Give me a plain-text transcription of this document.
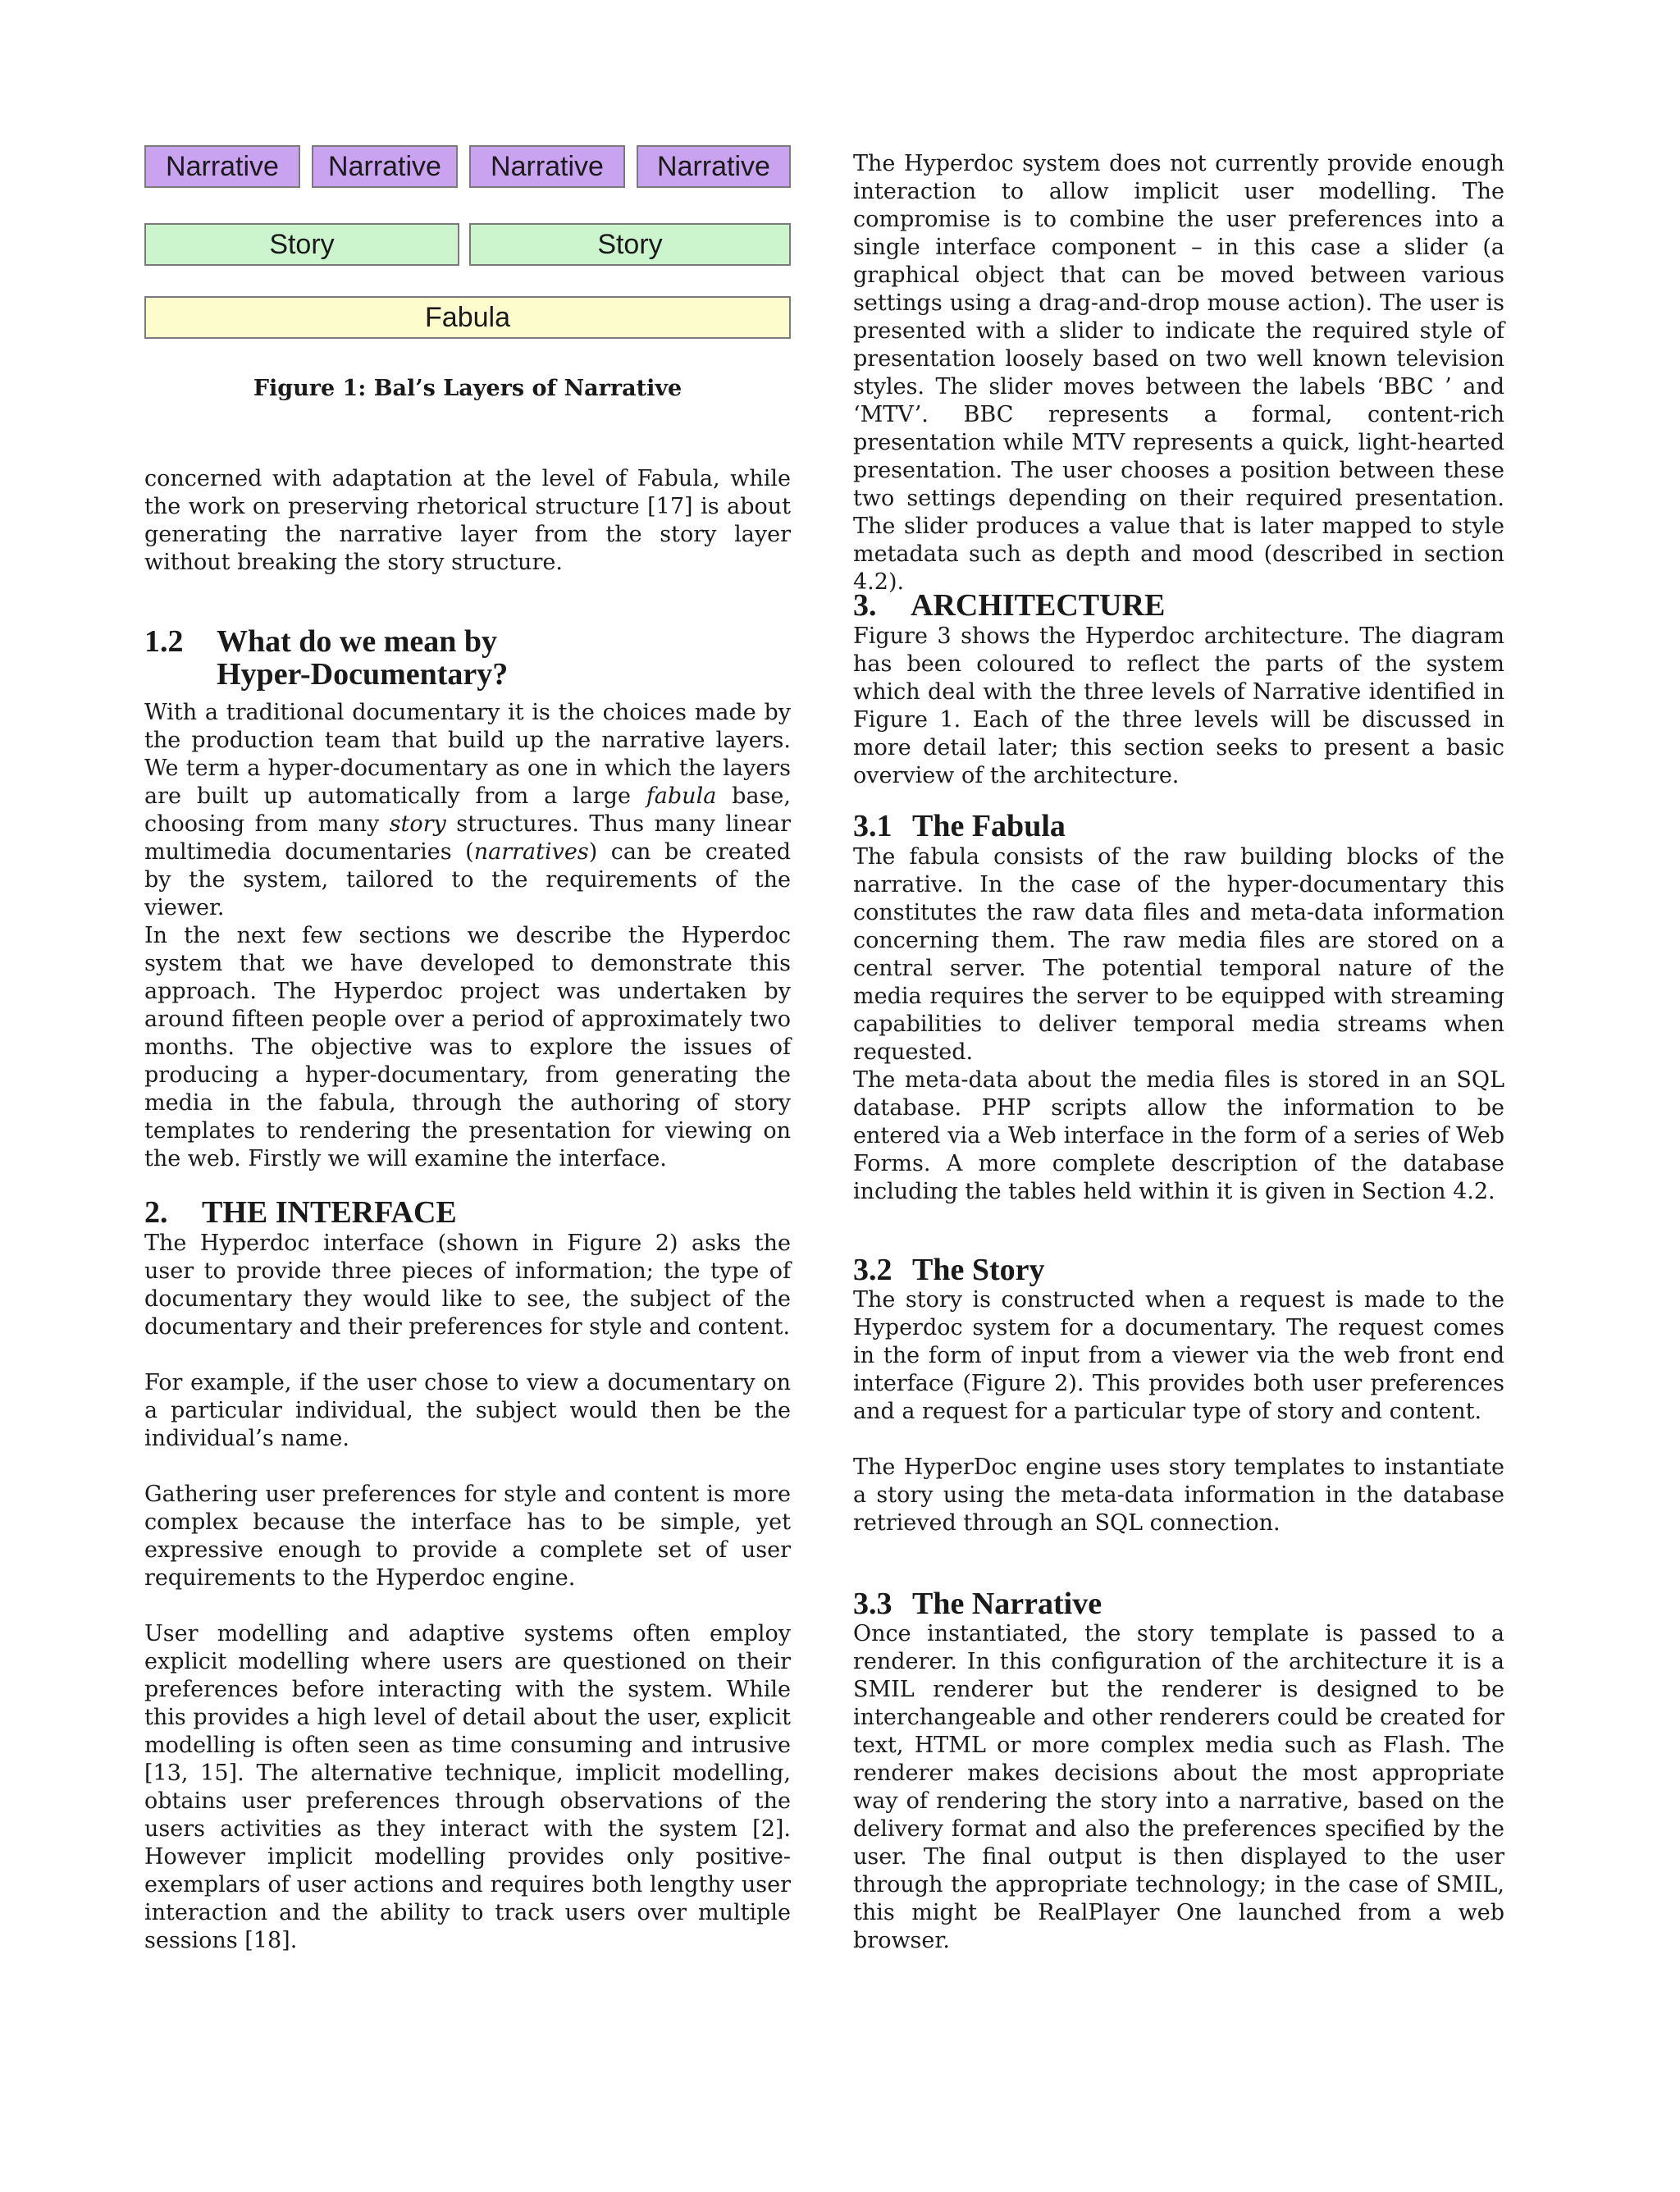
Narrative	Narrative	Narrative	Narrative
Story	Story
Fabula
Figure 1: Bal’s Layers of Narrative

concerned with adaptation at the level of Fabula, while the work on preserving rhetorical structure [17] is about generating the narrative layer from the story layer without breaking the story structure.

1.2 What do we mean by
Hyper-Documentary?

With a traditional documentary it is the choices made by the production team that build up the narrative layers. We term a hyper-documentary as one in which the layers are built up automatically from a large fabula base, choosing from many story structures. Thus many linear multimedia documentaries (narratives) can be created by the system, tailored to the requirements of the viewer.

In the next few sections we describe the Hyperdoc system that we have developed to demonstrate this approach. The Hyperdoc project was undertaken by around fifteen people over a period of approximately two months. The objective was to explore the issues of producing a hyper-documentary, from generating the media in the fabula, through the authoring of story templates to rendering the presentation for viewing on the web. Firstly we will examine the interface.

2. THE INTERFACE

The Hyperdoc interface (shown in Figure 2) asks the user to provide three pieces of information; the type of documentary they would like to see, the subject of the documentary and their preferences for style and content.

For example, if the user chose to view a documentary on a particular individual, the subject would then be the individual’s name.

Gathering user preferences for style and content is more complex because the interface has to be simple, yet expressive enough to provide a complete set of user requirements to the Hyperdoc engine.

User modelling and adaptive systems often employ explicit modelling where users are questioned on their preferences before interacting with the system. While this provides a high level of detail about the user, explicit modelling is often seen as time consuming and intrusive [13, 15]. The alternative technique, implicit modelling, obtains user preferences through observations of the users activities as they interact with the system [2]. However implicit modelling provides only positive-exemplars of user actions and requires both lengthy user interaction and the ability to track users over multiple sessions [18].

The Hyperdoc system does not currently provide enough interaction to allow implicit user modelling. The compromise is to combine the user preferences into a single interface component – in this case a slider (a graphical object that can be moved between various settings using a drag-and-drop mouse action). The user is presented with a slider to indicate the required style of presentation loosely based on two well known television styles. The slider moves between the labels ‘BBC ’ and ‘MTV’. BBC represents a formal, content-rich presentation while MTV represents a quick, light-hearted presentation. The user chooses a position between these two settings depending on their required presentation. The slider produces a value that is later mapped to style metadata such as depth and mood (described in section 4.2).

3. ARCHITECTURE

Figure 3 shows the Hyperdoc architecture. The diagram has been coloured to reflect the parts of the system which deal with the three levels of Narrative identified in Figure 1. Each of the three levels will be discussed in more detail later; this section seeks to present a basic overview of the architecture.

3.1 The Fabula

The fabula consists of the raw building blocks of the narrative. In the case of the hyper-documentary this constitutes the raw data files and meta-data information concerning them. The raw media files are stored on a central server. The potential temporal nature of the media requires the server to be equipped with streaming capabilities to deliver temporal media streams when requested.

The meta-data about the media files is stored in an SQL database. PHP scripts allow the information to be entered via a Web interface in the form of a series of Web Forms. A more complete description of the database including the tables held within it is given in Section 4.2.

3.2 The Story

The story is constructed when a request is made to the Hyperdoc system for a documentary. The request comes in the form of input from a viewer via the web front end interface (Figure 2). This provides both user preferences and a request for a particular type of story and content.

The HyperDoc engine uses story templates to instantiate a story using the meta-data information in the database retrieved through an SQL connection.

3.3 The Narrative

Once instantiated, the story template is passed to a renderer. In this configuration of the architecture it is a SMIL renderer but the renderer is designed to be interchangeable and other renderers could be created for text, HTML or more complex media such as Flash. The renderer makes decisions about the most appropriate way of rendering the story into a narrative, based on the delivery format and also the preferences specified by the user. The final output is then displayed to the user through the appropriate technology; in the case of SMIL, this might be RealPlayer One launched from a web browser.
